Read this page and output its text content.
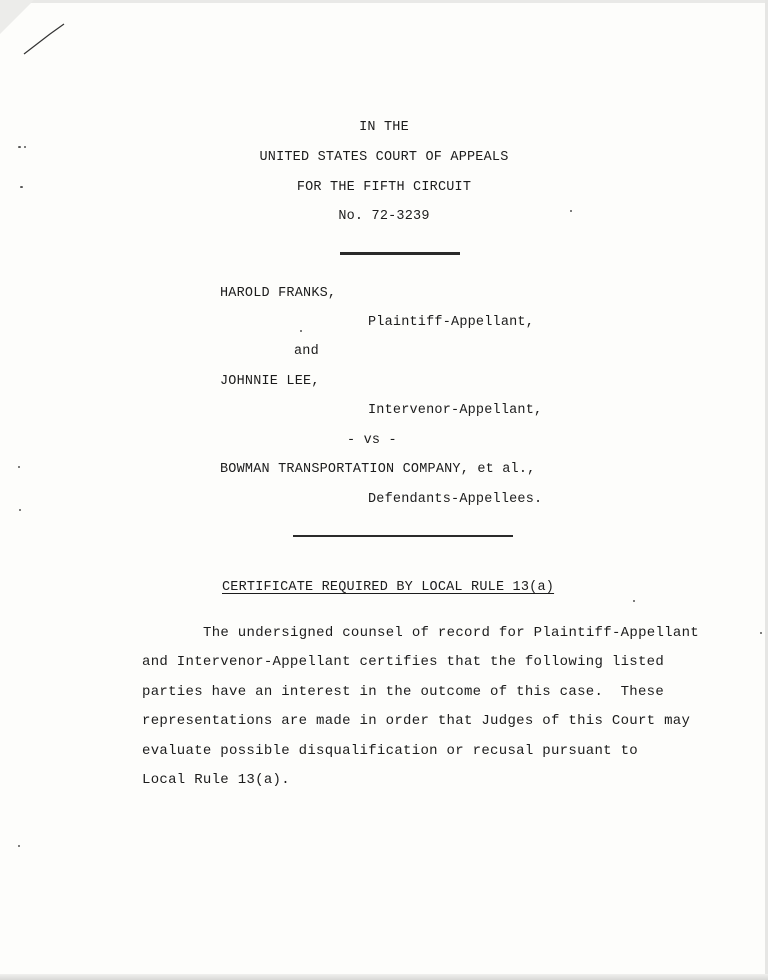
IN THE
UNITED STATES COURT OF APPEALS
FOR THE FIFTH CIRCUIT
No. 72-3239
HAROLD FRANKS,
Plaintiff-Appellant,
and
JOHNNIE LEE,
Intervenor-Appellant,
- vs -
BOWMAN TRANSPORTATION COMPANY, et al.,
Defendants-Appellees.
CERTIFICATE REQUIRED BY LOCAL RULE 13(a)
The undersigned counsel of record for Plaintiff-Appellant
and Intervenor-Appellant certifies that the following listed
parties have an interest in the outcome of this case.  These
representations are made in order that Judges of this Court may
evaluate possible disqualification or recusal pursuant to
Local Rule 13(a).
